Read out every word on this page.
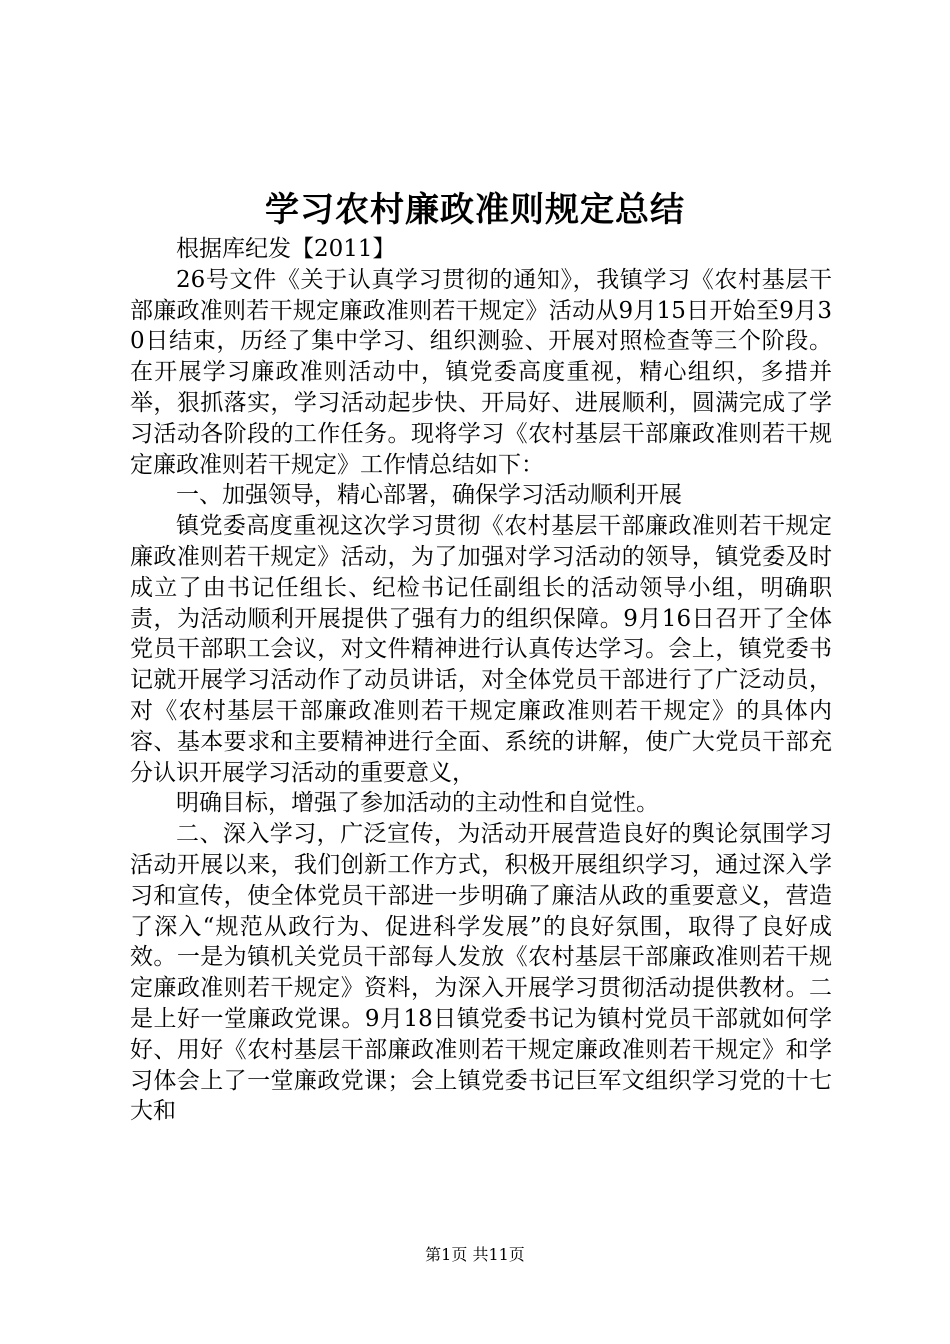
学习农村廉政准则规定总结

根据库纪发【2011】

26号文件《关于认真学习贯彻的通知》，我镇学习《农村基层干部廉政准则若干规定廉政准则若干规定》活动从9月15日开始至9月30日结束，历经了集中学习、组织测验、开展对照检查等三个阶段。在开展学习廉政准则活动中，镇党委高度重视，精心组织，多措并举，狠抓落实，学习活动起步快、开局好、进展顺利，圆满完成了学习活动各阶段的工作任务。现将学习《农村基层干部廉政准则若干规定廉政准则若干规定》工作情总结如下：

一、加强领导，精心部署，确保学习活动顺利开展

镇党委高度重视这次学习贯彻《农村基层干部廉政准则若干规定廉政准则若干规定》活动，为了加强对学习活动的领导，镇党委及时成立了由书记任组长、纪检书记任副组长的活动领导小组，明确职责，为活动顺利开展提供了强有力的组织保障。9月16日召开了全体党员干部职工会议，对文件精神进行认真传达学习。会上，镇党委书记就开展学习活动作了动员讲话，对全体党员干部进行了广泛动员，对《农村基层干部廉政准则若干规定廉政准则若干规定》的具体内容、基本要求和主要精神进行全面、系统的讲解，使广大党员干部充分认识开展学习活动的重要意义，

明确目标，增强了参加活动的主动性和自觉性。

二、深入学习，广泛宣传，为活动开展营造良好的舆论氛围学习活动开展以来，我们创新工作方式，积极开展组织学习，通过深入学习和宣传，使全体党员干部进一步明确了廉洁从政的重要意义，营造了深入“规范从政行为、促进科学发展”的良好氛围，取得了良好成效。一是为镇机关党员干部每人发放《农村基层干部廉政准则若干规定廉政准则若干规定》资料，为深入开展学习贯彻活动提供教材。二是上好一堂廉政党课。9月18日镇党委书记为镇村党员干部就如何学好、用好《农村基层干部廉政准则若干规定廉政准则若干规定》和学习体会上了一堂廉政党课；会上镇党委书记巨军文组织学习党的十七大和

第1页 共11页
